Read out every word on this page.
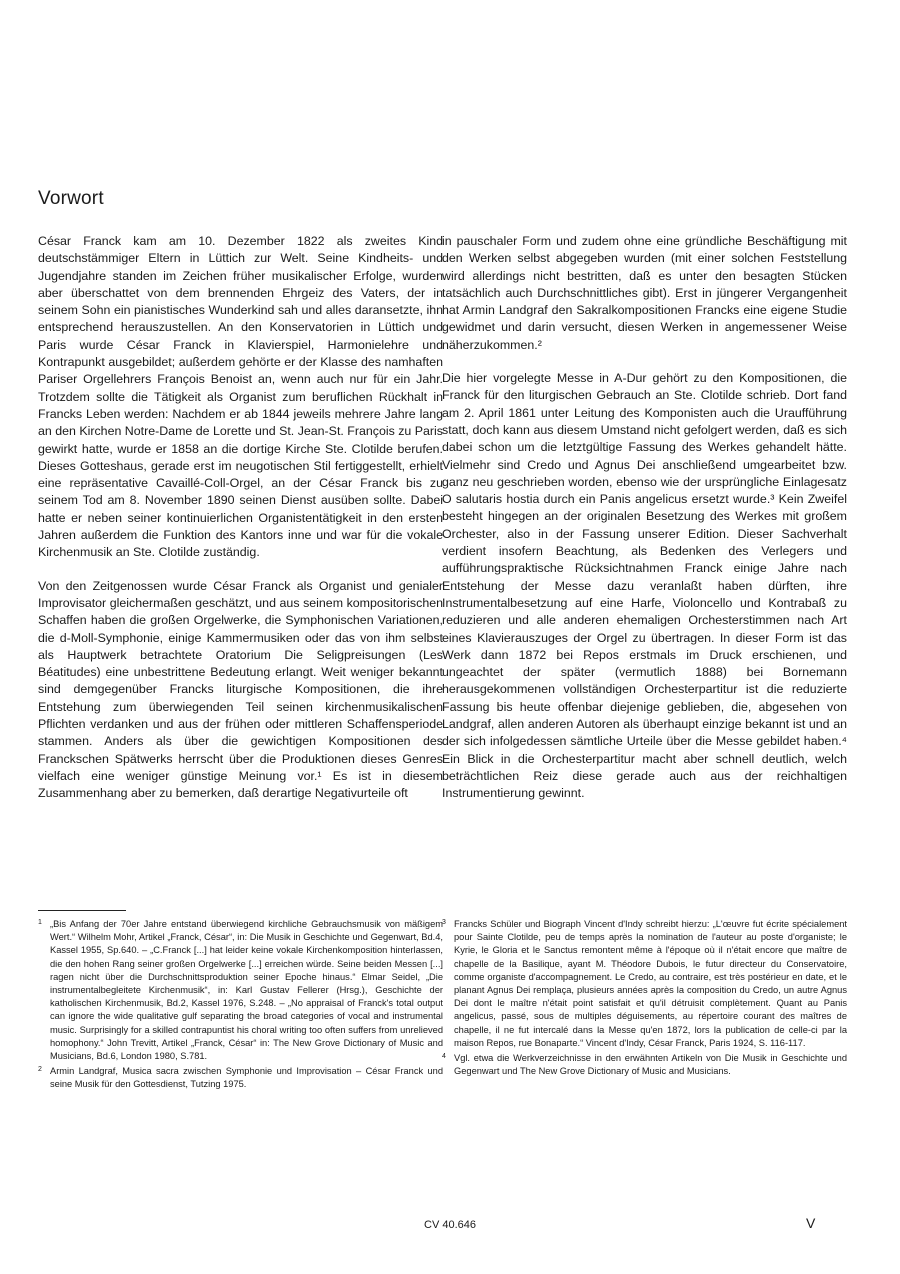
Vorwort

César Franck kam am 10. Dezember 1822 als zweites Kind deutschstämmiger Eltern in Lüttich zur Welt. Seine Kindheits- und Jugendjahre standen im Zeichen früher musikalischer Erfolge, wurden aber überschattet von dem brennenden Ehrgeiz des Vaters, der in seinem Sohn ein pianistisches Wunderkind sah und alles daransetzte, ihn entsprechend herauszustellen. An den Konservatorien in Lüttich und Paris wurde César Franck in Klavierspiel, Harmonielehre und Kontrapunkt ausgebildet; außerdem gehörte er der Klasse des namhaften Pariser Orgellehrers François Benoist an, wenn auch nur für ein Jahr. Trotzdem sollte die Tätigkeit als Organist zum beruflichen Rückhalt in Francks Leben werden: Nachdem er ab 1844 jeweils mehrere Jahre lang an den Kirchen Notre-Dame de Lorette und St. Jean-St. François zu Paris gewirkt hatte, wurde er 1858 an die dortige Kirche Ste. Clotilde berufen. Dieses Gotteshaus, gerade erst im neugotischen Stil fertiggestellt, erhielt eine repräsentative Cavaillé-Coll-Orgel, an der César Franck bis zu seinem Tod am 8. November 1890 seinen Dienst ausüben sollte. Dabei hatte er neben seiner kontinuierlichen Organistentätigkeit in den ersten Jahren außerdem die Funktion des Kantors inne und war für die vokale Kirchenmusik an Ste. Clotilde zuständig.

Von den Zeitgenossen wurde César Franck als Organist und genialer Improvisator gleichermaßen geschätzt, und aus seinem kompositorischen Schaffen haben die großen Orgelwerke, die Symphonischen Variationen, die d-Moll-Symphonie, einige Kammermusiken oder das von ihm selbst als Hauptwerk betrachtete Oratorium Die Seligpreisungen (Les Béatitudes) eine unbestrittene Bedeutung erlangt. Weit weniger bekannt sind demgegenüber Francks liturgische Kompositionen, die ihre Entstehung zum überwiegenden Teil seinen kirchenmusikalischen Pflichten verdanken und aus der frühen oder mittleren Schaffensperiode stammen. Anders als über die gewichtigen Kompositionen des Franckschen Spätwerks herrscht über die Produktionen dieses Genres vielfach eine weniger günstige Meinung vor.¹ Es ist in diesem Zusammenhang aber zu bemerken, daß derartige Negativurteile oft

in pauschaler Form und zudem ohne eine gründliche Beschäftigung mit den Werken selbst abgegeben wurden (mit einer solchen Feststellung wird allerdings nicht bestritten, daß es unter den besagten Stücken tatsächlich auch Durchschnittliches gibt). Erst in jüngerer Vergangenheit hat Armin Landgraf den Sakralkompositionen Francks eine eigene Studie gewidmet und darin versucht, diesen Werken in angemessener Weise näherzukommen.²

Die hier vorgelegte Messe in A-Dur gehört zu den Kompositionen, die Franck für den liturgischen Gebrauch an Ste. Clotilde schrieb. Dort fand am 2. April 1861 unter Leitung des Komponisten auch die Uraufführung statt, doch kann aus diesem Umstand nicht gefolgert werden, daß es sich dabei schon um die letztgültige Fassung des Werkes gehandelt hätte. Vielmehr sind Credo und Agnus Dei anschließend umgearbeitet bzw. ganz neu geschrieben worden, ebenso wie der ursprüngliche Einlagesatz O salutaris hostia durch ein Panis angelicus ersetzt wurde.³ Kein Zweifel besteht hingegen an der originalen Besetzung des Werkes mit großem Orchester, also in der Fassung unserer Edition. Dieser Sachverhalt verdient insofern Beachtung, als Bedenken des Verlegers und aufführungspraktische Rücksichtnahmen Franck einige Jahre nach Entstehung der Messe dazu veranlaßt haben dürften, ihre Instrumentalbesetzung auf eine Harfe, Violoncello und Kontrabaß zu reduzieren und alle anderen ehemaligen Orchesterstimmen nach Art eines Klavierauszuges der Orgel zu übertragen. In dieser Form ist das Werk dann 1872 bei Repos erstmals im Druck erschienen, und ungeachtet der später (vermutlich 1888) bei Bornemann herausgekommenen vollständigen Orchesterpartitur ist die reduzierte Fassung bis heute offenbar diejenige geblieben, die, abgesehen von Landgraf, allen anderen Autoren als überhaupt einzige bekannt ist und an der sich infolgedessen sämtliche Urteile über die Messe gebildet haben.⁴ Ein Blick in die Orchesterpartitur macht aber schnell deutlich, welch beträchtlichen Reiz diese gerade auch aus der reichhaltigen Instrumentierung gewinnt.

1 „Bis Anfang der 70er Jahre entstand überwiegend kirchliche Gebrauchsmusik von mäßigem Wert.“ Wilhelm Mohr, Artikel „Franck, César“, in: Die Musik in Geschichte und Gegenwart, Bd.4, Kassel 1955, Sp.640. – „C.Franck [...] hat leider keine vokale Kirchenkomposition hinterlassen, die den hohen Rang seiner großen Orgelwerke [...] erreichen würde. Seine beiden Messen [...] ragen nicht über die Durchschnittsproduktion seiner Epoche hinaus.“ Elmar Seidel, „Die instrumentalbegleitete Kirchenmusik“, in: Karl Gustav Fellerer (Hrsg.), Geschichte der katholischen Kirchenmusik, Bd.2, Kassel 1976, S.248. – „No appraisal of Franck's total output can ignore the wide qualitative gulf separating the broad categories of vocal and instrumental music. Surprisingly for a skilled contrapuntist his choral writing too often suffers from unrelieved homophony.“ John Trevitt, Artikel „Franck, César“ in: The New Grove Dictionary of Music and Musicians, Bd.6, London 1980, S.781.
2 Armin Landgraf, Musica sacra zwischen Symphonie und Improvisation – César Franck und seine Musik für den Gottesdienst, Tutzing 1975.
3 Francks Schüler und Biograph Vincent d'Indy schreibt hierzu: „L'œuvre fut écrite spécialement pour Sainte Clotilde, peu de temps après la nomination de l'auteur au poste d'organiste; le Kyrie, le Gloria et le Sanctus remontent même à l'époque où il n'était encore que maître de chapelle de la Basilique, ayant M. Théodore Dubois, le futur directeur du Conservatoire, comme organiste d'accompagnement. Le Credo, au contraire, est très postérieur en date, et le planant Agnus Dei remplaça, plusieurs années après la composition du Credo, un autre Agnus Dei dont le maître n'était point satisfait et qu'il détruisit complètement. Quant au Panis angelicus, passé, sous de multiples déguisements, au répertoire courant des maîtres de chapelle, il ne fut intercalé dans la Messe qu'en 1872, lors la publication de celle-ci par la maison Repos, rue Bonaparte.“ Vincent d'Indy, César Franck, Paris 1924, S. 116-117.
4 Vgl. etwa die Werkverzeichnisse in den erwähnten Artikeln von Die Musik in Geschichte und Gegenwart und The New Grove Dictionary of Music and Musicians.
CV 40.646	V
